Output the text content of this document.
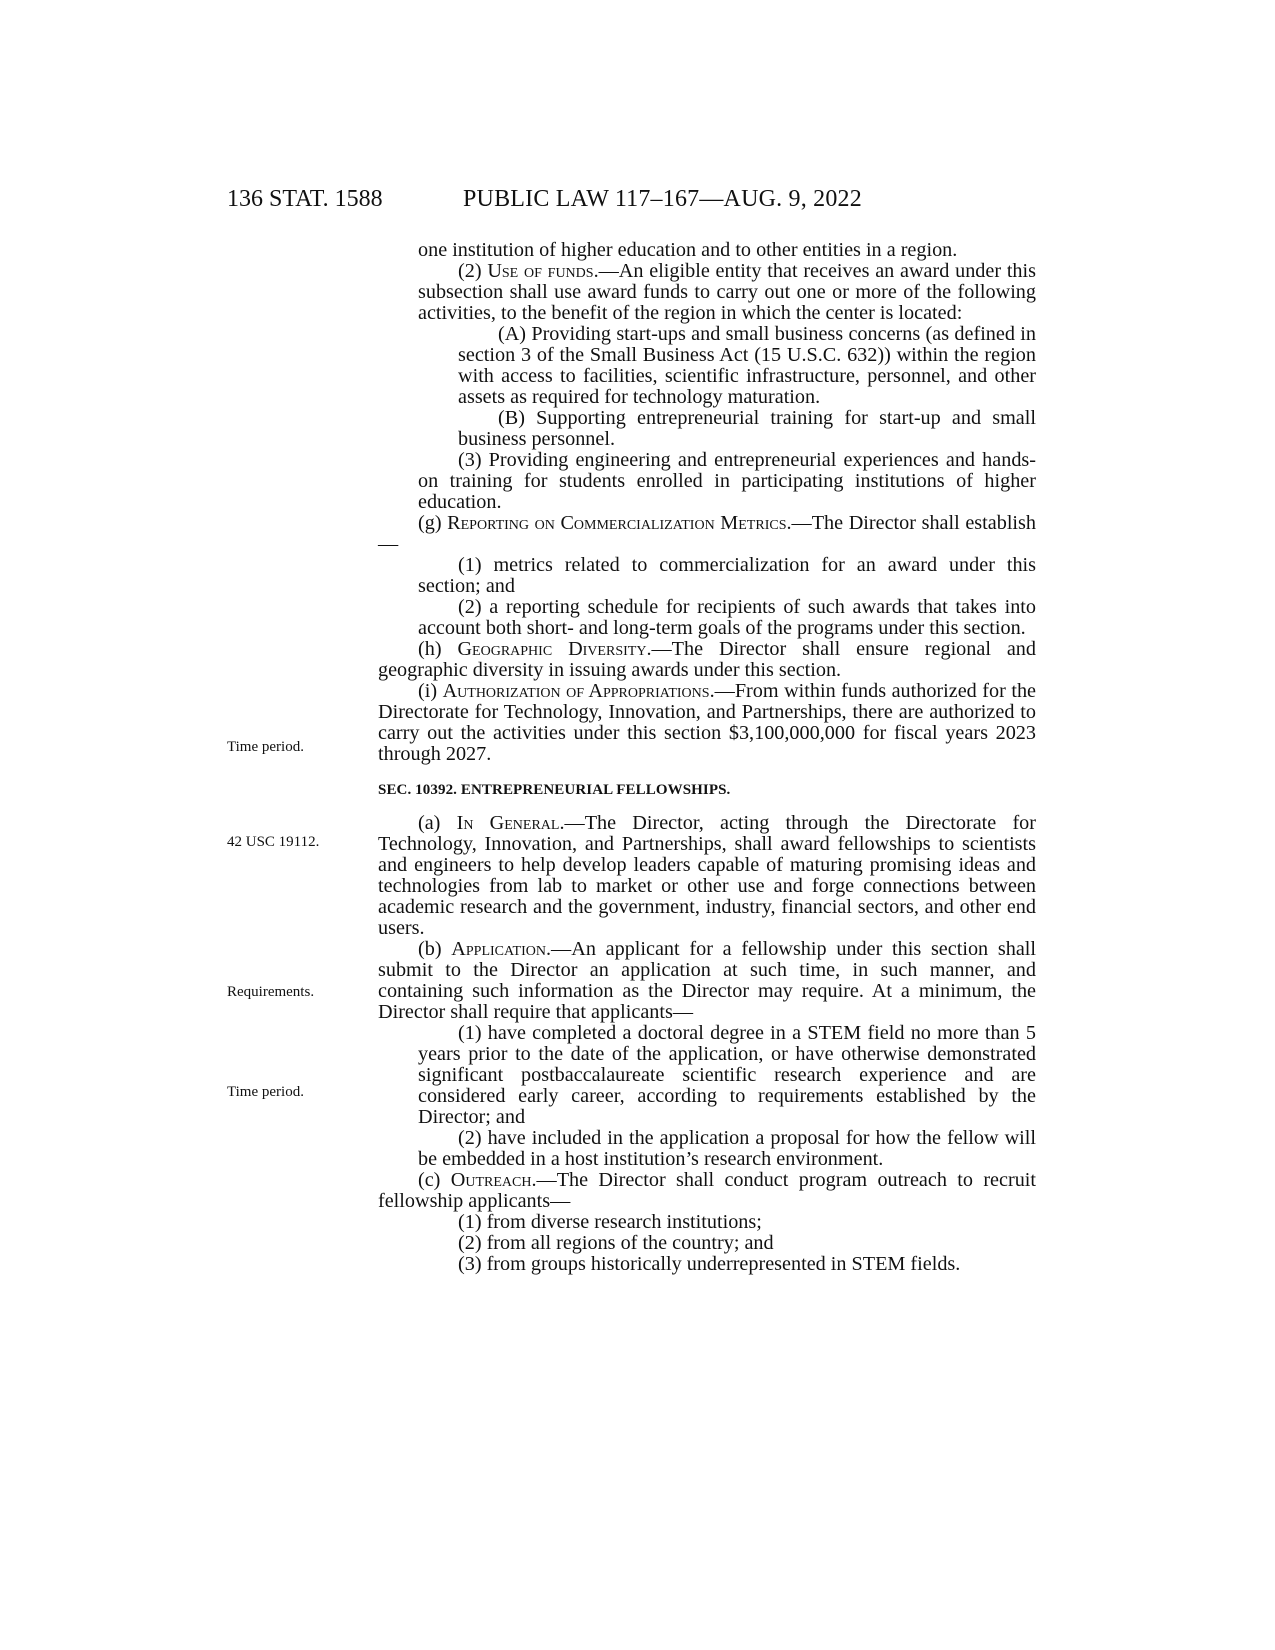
136 STAT. 1588	PUBLIC LAW 117–167—AUG. 9, 2022
Time period.
42 USC 19112.
Requirements.
Time period.

one institution of higher education and to other entities in a region.

(2) Use of funds.—An eligible entity that receives an award under this subsection shall use award funds to carry out one or more of the following activities, to the benefit of the region in which the center is located:

(A) Providing start-ups and small business concerns (as defined in section 3 of the Small Business Act (15 U.S.C. 632)) within the region with access to facilities, scientific infrastructure, personnel, and other assets as required for technology maturation.

(B) Supporting entrepreneurial training for start-up and small business personnel.

(3) Providing engineering and entrepreneurial experiences and hands-on training for students enrolled in participating institutions of higher education.

(g) Reporting on Commercialization Metrics.—The Director shall establish—

(1) metrics related to commercialization for an award under this section; and

(2) a reporting schedule for recipients of such awards that takes into account both short- and long-term goals of the programs under this section.

(h) Geographic Diversity.—The Director shall ensure regional and geographic diversity in issuing awards under this section.

(i) Authorization of Appropriations.—From within funds authorized for the Directorate for Technology, Innovation, and Partnerships, there are authorized to carry out the activities under this section $3,100,000,000 for fiscal years 2023 through 2027.

SEC. 10392. ENTREPRENEURIAL FELLOWSHIPS.

(a) In General.—The Director, acting through the Directorate for Technology, Innovation, and Partnerships, shall award fellowships to scientists and engineers to help develop leaders capable of maturing promising ideas and technologies from lab to market or other use and forge connections between academic research and the government, industry, financial sectors, and other end users.

(b) Application.—An applicant for a fellowship under this section shall submit to the Director an application at such time, in such manner, and containing such information as the Director may require. At a minimum, the Director shall require that applicants—

(1) have completed a doctoral degree in a STEM field no more than 5 years prior to the date of the application, or have otherwise demonstrated significant postbaccalaureate scientific research experience and are considered early career, according to requirements established by the Director; and

(2) have included in the application a proposal for how the fellow will be embedded in a host institution’s research environment.

(c) Outreach.—The Director shall conduct program outreach to recruit fellowship applicants—

(1) from diverse research institutions;

(2) from all regions of the country; and

(3) from groups historically underrepresented in STEM fields.
